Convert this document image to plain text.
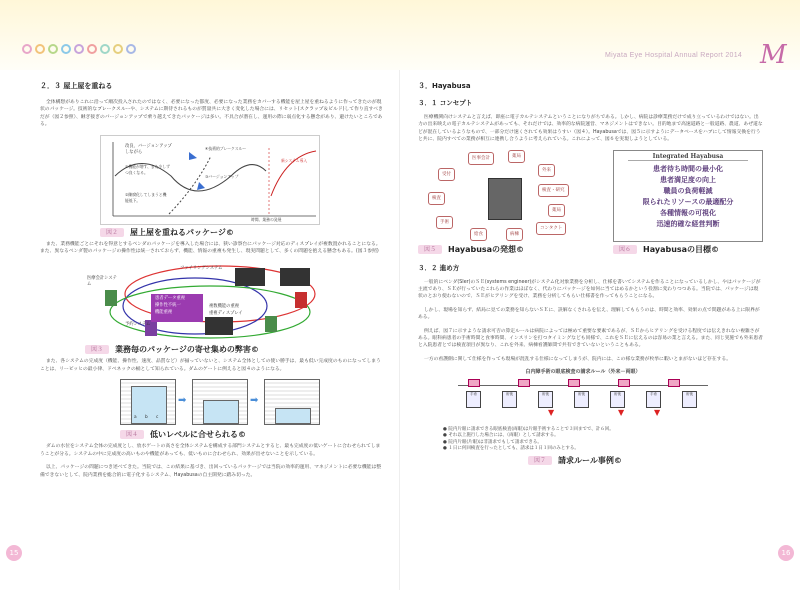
Miyata Eye Hospital Annual Report 2014 M
２．３ 屋上屋を重ねる
全体構想がありこれに沿って順次投入されたのではなく、必要になった都度、必要になった業務をカバーする機能を屋上屋を重ねるように作ってきたのが現状のパッケージ。技術的なブレークスルーや、システムに期待されるものが質量共に大きく変化した場合には、リセット(スクラップ＆ビルド)して作り直すべきだが（図２参照）、継ぎ接ぎのバージョンアップで乗り越えてきたパッケージは多い。不具合が潜在し、運用の際に弱点化する懸念があり、避けたいところである。
改良、バージョンアップしながら
①機能が増す、また少しずつ良くなる。
②陳腐化してしまうと機能低下。
③バージョンアップ
④技術的ブレークスルー
新システム導入
時間、業務の発展
図２	屋上屋を重ねるパッケージ©
また、業務機能ごとにそれを得意とするベンダのパッケージを導入した場合には、狭い診察台にパッケージ対応のディスプレイが複数置かれることになる。また、異なるベンダ製のパッケージの操作性は統一されておらず、機能、情報の重複も発生し、現実問題として、多くの問題を抱える懸念もある。(図３参照)
ファイリングシステム
医療会計システム
予約システム
患者データ重複
操作性不統一
機能重複
複数機能の重複
重複ディスプレイ
図３	業務毎のパッケージの寄せ集めの弊害©
また、各システムの完成度（機能、操作性、速度、品質など）が揃っていないと、システム全体としての使い勝手は、最も低い完成度のものになってしまうことは、リービッヒの最小律、ドベネックの桶として知られている。ダムのゲートに例えると図４のようになる。
➡	➡
a b c
図４	低いレベルに合せられる©
ダムの水位をシステム全体の完成度とし、放水ゲートの高さを全体システムを構成する部門システムとすると、最も完成度の低いゲートに合わせられてしまうことが分る。システムの中に完成度の高いものや機能があっても、低いものに合わせられ、効果が出せないことを示している。
以上、パッケージの問題につき述べてきた。当院では、この結果に基づき、出回っているパッケージでは当院の効率的運用、マネジメントに必要な機能は整備できないとして、院内業務を総合的に電子化するシステム、Hayabusaの自主開発に踏み切った。
15
３．Hayabusa
３．１ コンセプト
医療機関向けシステムと言えば、即座に電子カルテシステムということになりがちである。しかし、病院は診療業務だけで成り立っているわけではない。出力の出来映えの電子カルテシステムがあっても、それだけでは、効率的な病院運営、マネジメントはできない。目的地まで高速道路と一般道路、農道、あぜ道などが混在しているようなもので、一部分だけ速くされても効果はうすい（図４）。Hayabusaでは、図５に示すようにデータベースをハブにして情報交換を行うと共に、院内すべての業務が相互に連携し合うように考えられている。これによって、図６を実現しようとしている。
医事会計	薬局
外来
受付
検査・研究
検査
薬局
手術
給食	病棟
コンタクト
図５	Hayabusaの発想©
Integrated Hayabusa
患者待ち時間の最小化
患者満足度の向上
職員の負荷軽減
限られたリソースの最適配分
各種情報の可視化
迅速的確な経営判断
図６	Hayabusaの目標©
３．２ 進め方
一般的にベンダ(SIer)のＳＥ(systems engineer)がシステム化対象業務を分析し、仕様を書いてシステムを作ることになっているしかし、やはパッケージが主流であり、ＳＥが行っていたこれらの作業はほぼなく、代わりにパッケージを如何に当てはめるかという役割に変わりつつある。当院では、パッケージは現状のとおり使わないので、ＳＥがヒアリングを受け、業務を分析してもらい仕様書を作ってもらうことになる。
しかし、現場を知らず、結局に見ての業務を知らないＳＥに、誤解なくされるを伝え、理解してもらうのは、時間と効率、効果の点で問題がある上に限界がある。
例えば、図７に示すような請求可否の算定ルールは病院によっては極めて重要な要素であるが、ＳＥからヒアリングを受ける程度では伝えきれない複雑さがある。眼科病患者の手術時間と食事時間、インスリンを打つタイミングなども同様で、これをＳＥに伝えるのは容易の業と言える。また、同じ実施でも外来患者と入院患者とでは検査項目が異なり、これを外来、病棟看護師間で共有できていないということもある。
一方の看護側に関して仕様を作っても現場が混乱する仕様になってしまうが、院内には、この様な業務が枚挙に暇いとまがないほど存在する。
白内障手術の眼底検査の請求ルール（外来－両眼）
手術	術後	術後	術後	術後	手術	術後
▼	▼	▼
● 院内片眼に請求できる眼底検査(両眼)は片眼手術することで３回までで、計６回。
● それ以上施行した場合には、（両眼）として請求する。
● 院内片眼(片眼)は非請求でもして請求できる。
● １日に何回検査を行ったとしても、請求は１日１回のみとする。
図７	請求ルール事例©
16
